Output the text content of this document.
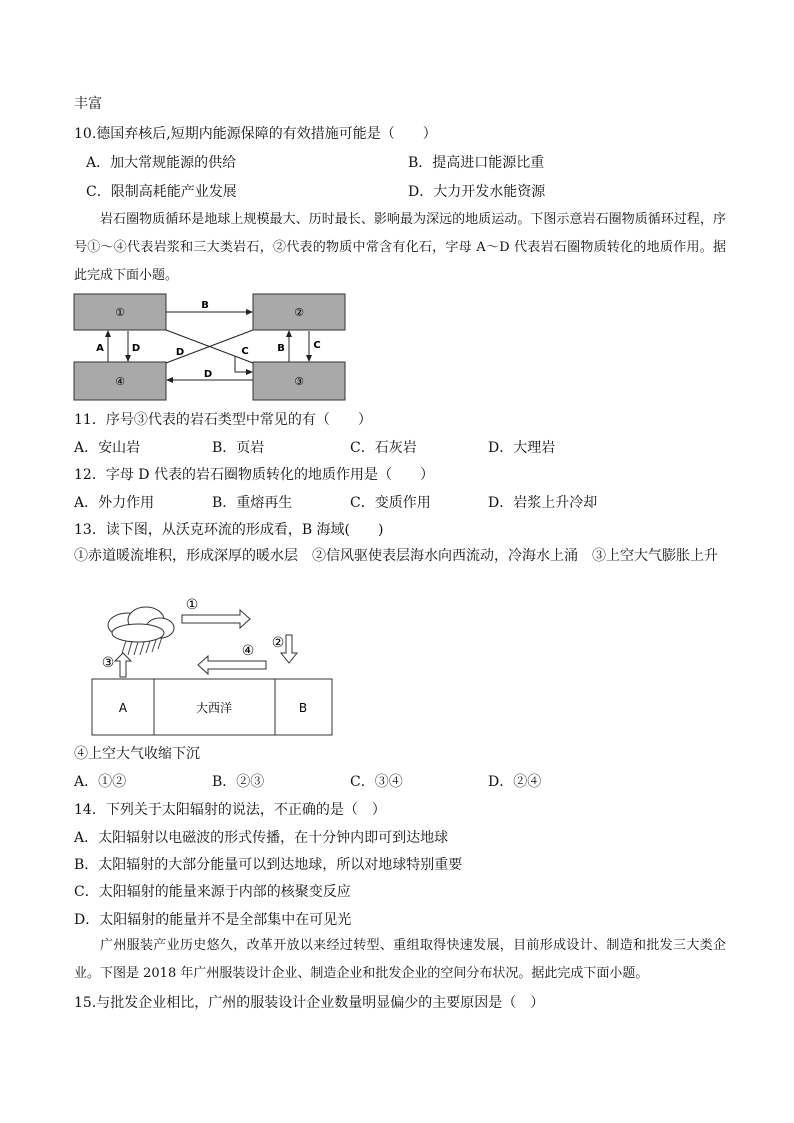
丰富
10.德国弃核后,短期内能源保障的有效措施可能是（　　）
A．加大常规能源的供给	B．提高进口能源比重
C．限制高耗能产业发展	D．大力开发水能资源
岩石圈物质循环是地球上规模最大、历时最长、影响最为深远的地质运动。下图示意岩石圈物质循环过程，序号①～④代表岩浆和三大类岩石，②代表的物质中常含有化石，字母 A～D 代表岩石圈物质转化的地质作用。据此完成下面小题。
①	②
④	③
B
A	D	D	C	B	C
D
11．序号③代表的岩石类型中常见的有（　　）
A．安山岩	B．页岩	C．石灰岩	D．大理岩
12．字母 D 代表的岩石圈物质转化的地质作用是（　　）
A．外力作用	B．重熔再生	C．变质作用	D．岩浆上升冷却
13．读下图，从沃克环流的形成看，B 海域(　　)
①赤道暖流堆积，形成深厚的暖水层　②信风驱使表层海水向西流动，冷海水上涌　③上空大气膨胀上升
①
②
④
③
A	大西洋	B
④上空大气收缩下沉
A．①②	B．②③	C．③④	D．②④
14．下列关于太阳辐射的说法，不正确的是（　）
A．太阳辐射以电磁波的形式传播，在十分钟内即可到达地球
B．太阳辐射的大部分能量可以到达地球，所以对地球特别重要
C．太阳辐射的能量来源于内部的核聚变反应
D．太阳辐射的能量并不是全部集中在可见光
广州服装产业历史悠久，改革开放以来经过转型、重组取得快速发展，目前形成设计、制造和批发三大类企业。下图是 2018 年广州服装设计企业、制造企业和批发企业的空间分布状况。据此完成下面小题。
15.与批发企业相比，广州的服装设计企业数量明显偏少的主要原因是（　）
